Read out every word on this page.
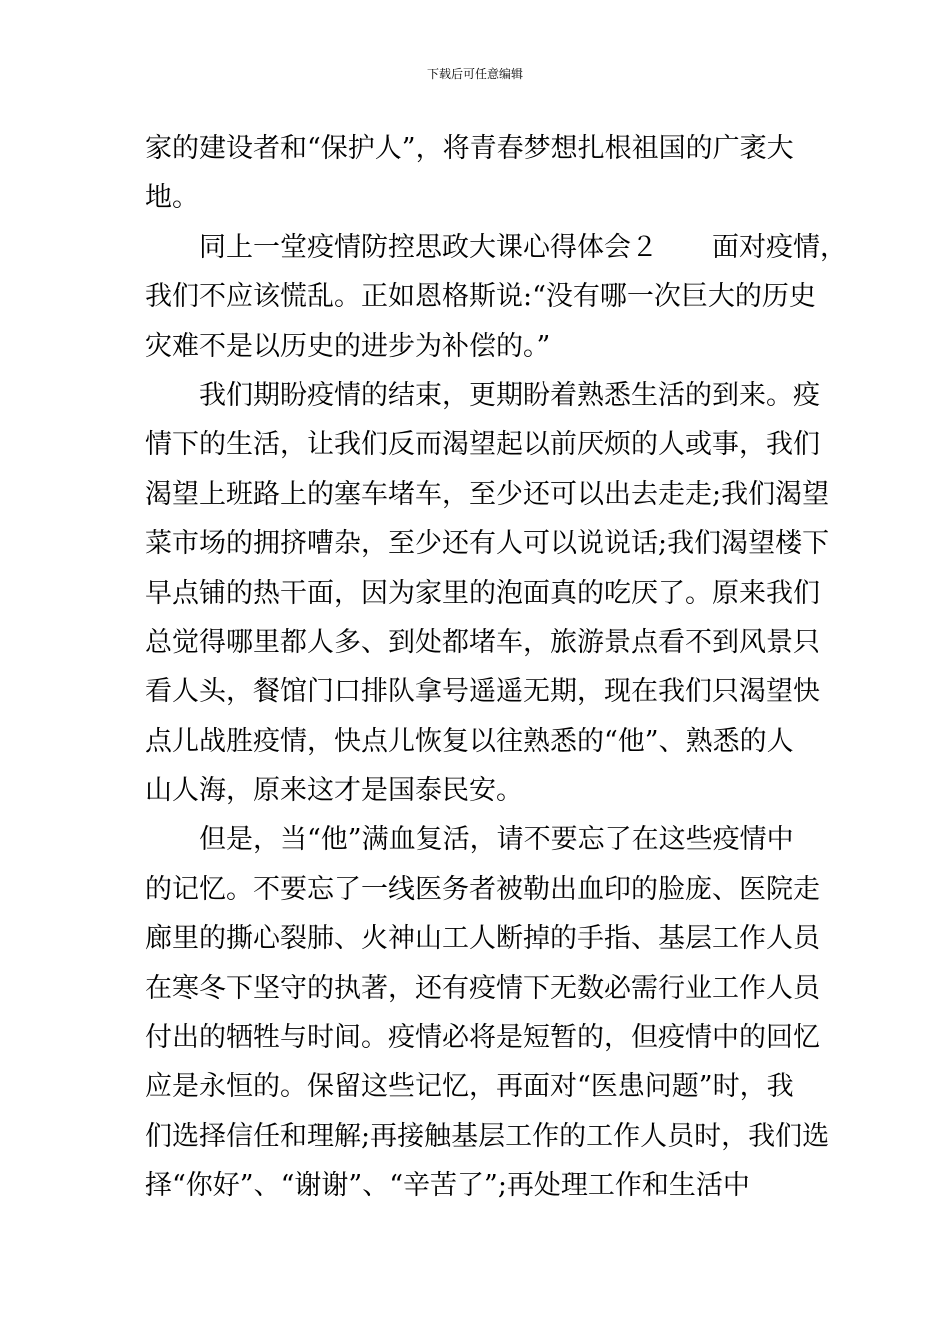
下载后可任意编辑
家的建设者和“保护人”，将青春梦想扎根祖国的广袤大
地。
　　同上一堂疫情防控思政大课心得体会２　　面对疫情，
我们不应该慌乱。正如恩格斯说:“没有哪一次巨大的历史
灾难不是以历史的进步为补偿的。”
　　我们期盼疫情的结束，更期盼着熟悉生活的到来。疫
情下的生活，让我们反而渴望起以前厌烦的人或事，我们
渴望上班路上的塞车堵车，至少还可以出去走走;我们渴望
菜市场的拥挤嘈杂，至少还有人可以说说话;我们渴望楼下
早点铺的热干面，因为家里的泡面真的吃厌了。原来我们
总觉得哪里都人多、到处都堵车，旅游景点看不到风景只
看人头，餐馆门口排队拿号遥遥无期，现在我们只渴望快
点儿战胜疫情，快点儿恢复以往熟悉的“他”、熟悉的人
山人海，原来这才是国泰民安。
　　但是，当“他”满血复活，请不要忘了在这些疫情中
的记忆。不要忘了一线医务者被勒出血印的脸庞、医院走
廊里的撕心裂肺、火神山工人断掉的手指、基层工作人员
在寒冬下坚守的执著，还有疫情下无数必需行业工作人员
付出的牺牲与时间。疫情必将是短暂的，但疫情中的回忆
应是永恒的。保留这些记忆，再面对“医患问题”时，我
们选择信任和理解;再接触基层工作的工作人员时，我们选
择“你好”、“谢谢”、“辛苦了”;再处理工作和生活中
